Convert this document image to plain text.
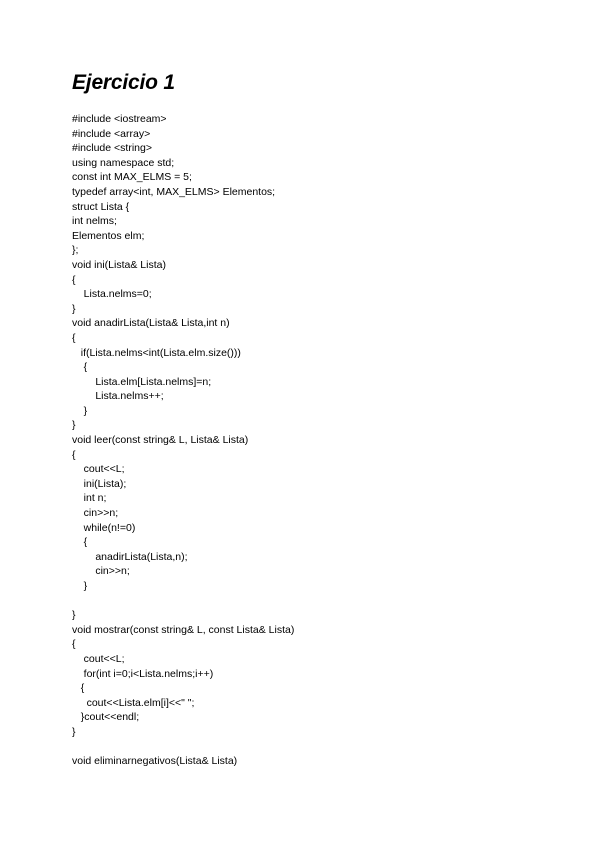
Ejercicio 1
#include <iostream>
#include <array>
#include <string>
using namespace std;
const int MAX_ELMS = 5;
typedef array<int, MAX_ELMS> Elementos;
struct Lista {
int nelms;
Elementos elm;
};
void ini(Lista& Lista)
{
Lista.nelms=0;
}
void anadirLista(Lista& Lista,int n)
{
if(Lista.nelms<int(Lista.elm.size()))
{
Lista.elm[Lista.nelms]=n;
Lista.nelms++;
}
}
void leer(const string& L, Lista& Lista)
{
cout<<L;
ini(Lista);
int n;
cin>>n;
while(n!=0)
{
anadirLista(Lista,n);
cin>>n;
}
}
void mostrar(const string& L, const Lista& Lista)
{
cout<<L;
for(int i=0;i<Lista.nelms;i++)
{
cout<<Lista.elm[i]<<" ";
}cout<<endl;
}
void eliminarnegativos(Lista& Lista)
